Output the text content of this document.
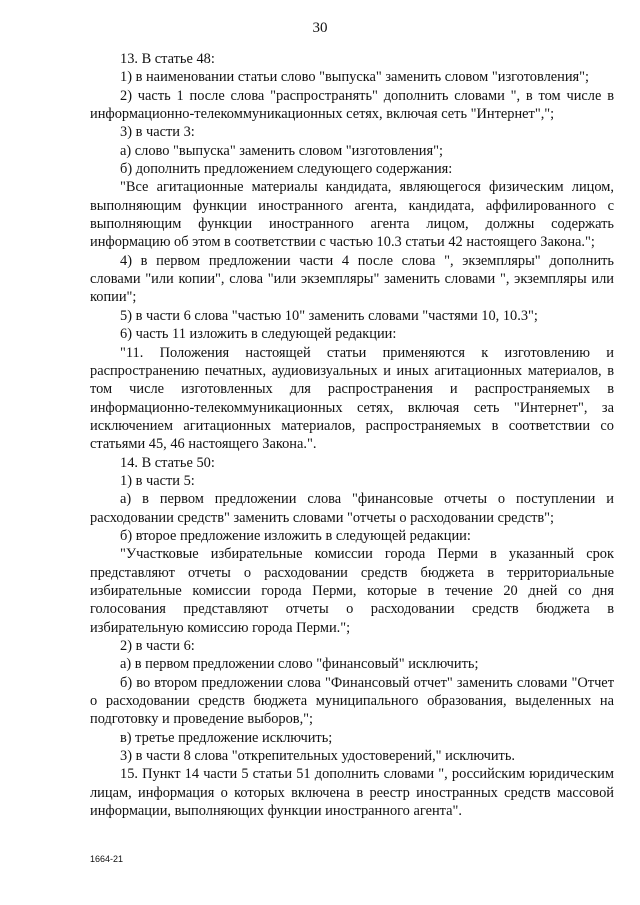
30

13. В статье 48:

1) в наименовании статьи слово "выпуска" заменить словом "изготовления";

2) часть 1 после слова "распространять" дополнить словами ", в том числе в информационно-телекоммуникационных сетях, включая сеть "Интернет",";

3) в части 3:

а) слово "выпуска" заменить словом "изготовления";

б) дополнить предложением следующего содержания:

"Все агитационные материалы кандидата, являющегося физическим лицом, выполняющим функции иностранного агента, кандидата, аффилированного с выполняющим функции иностранного агента лицом, должны содержать информацию об этом в соответствии с частью 10.3 статьи 42 настоящего Закона.";

4) в первом предложении части 4 после слова ", экземпляры" дополнить словами "или копии", слова "или экземпляры" заменить словами ", экземпляры или копии";

5) в части 6 слова "частью 10" заменить словами "частями 10, 10.3";

6) часть 11 изложить в следующей редакции:

"11. Положения настоящей статьи применяются к изготовлению и распространению печатных, аудиовизуальных и иных агитационных материалов, в том числе изготовленных для распространения и распространяемых в информационно-телекоммуникационных сетях, включая сеть "Интернет", за исключением агитационных материалов, распространяемых в соответствии со статьями 45, 46 настоящего Закона.".

14. В статье 50:

1) в части 5:

а) в первом предложении слова "финансовые отчеты о поступлении и расходовании средств" заменить словами "отчеты о расходовании средств";

б) второе предложение изложить в следующей редакции:

"Участковые избирательные комиссии города Перми в указанный срок представляют отчеты о расходовании средств бюджета в территориальные избирательные комиссии города Перми, которые в течение 20 дней со дня голосования представляют отчеты о расходовании средств бюджета в избирательную комиссию города Перми.";

2) в части 6:

а) в первом предложении слово "финансовый" исключить;

б) во втором предложении слова "Финансовый отчет" заменить словами "Отчет о расходовании средств бюджета муниципального образования, выделенных на подготовку и проведение выборов,";

в) третье предложение исключить;

3) в части 8 слова "открепительных удостоверений," исключить.

15. Пункт 14 части 5 статьи 51 дополнить словами ", российским юридическим лицам, информация о которых включена в реестр иностранных средств массовой информации, выполняющих функции иностранного агента".

1664-21
